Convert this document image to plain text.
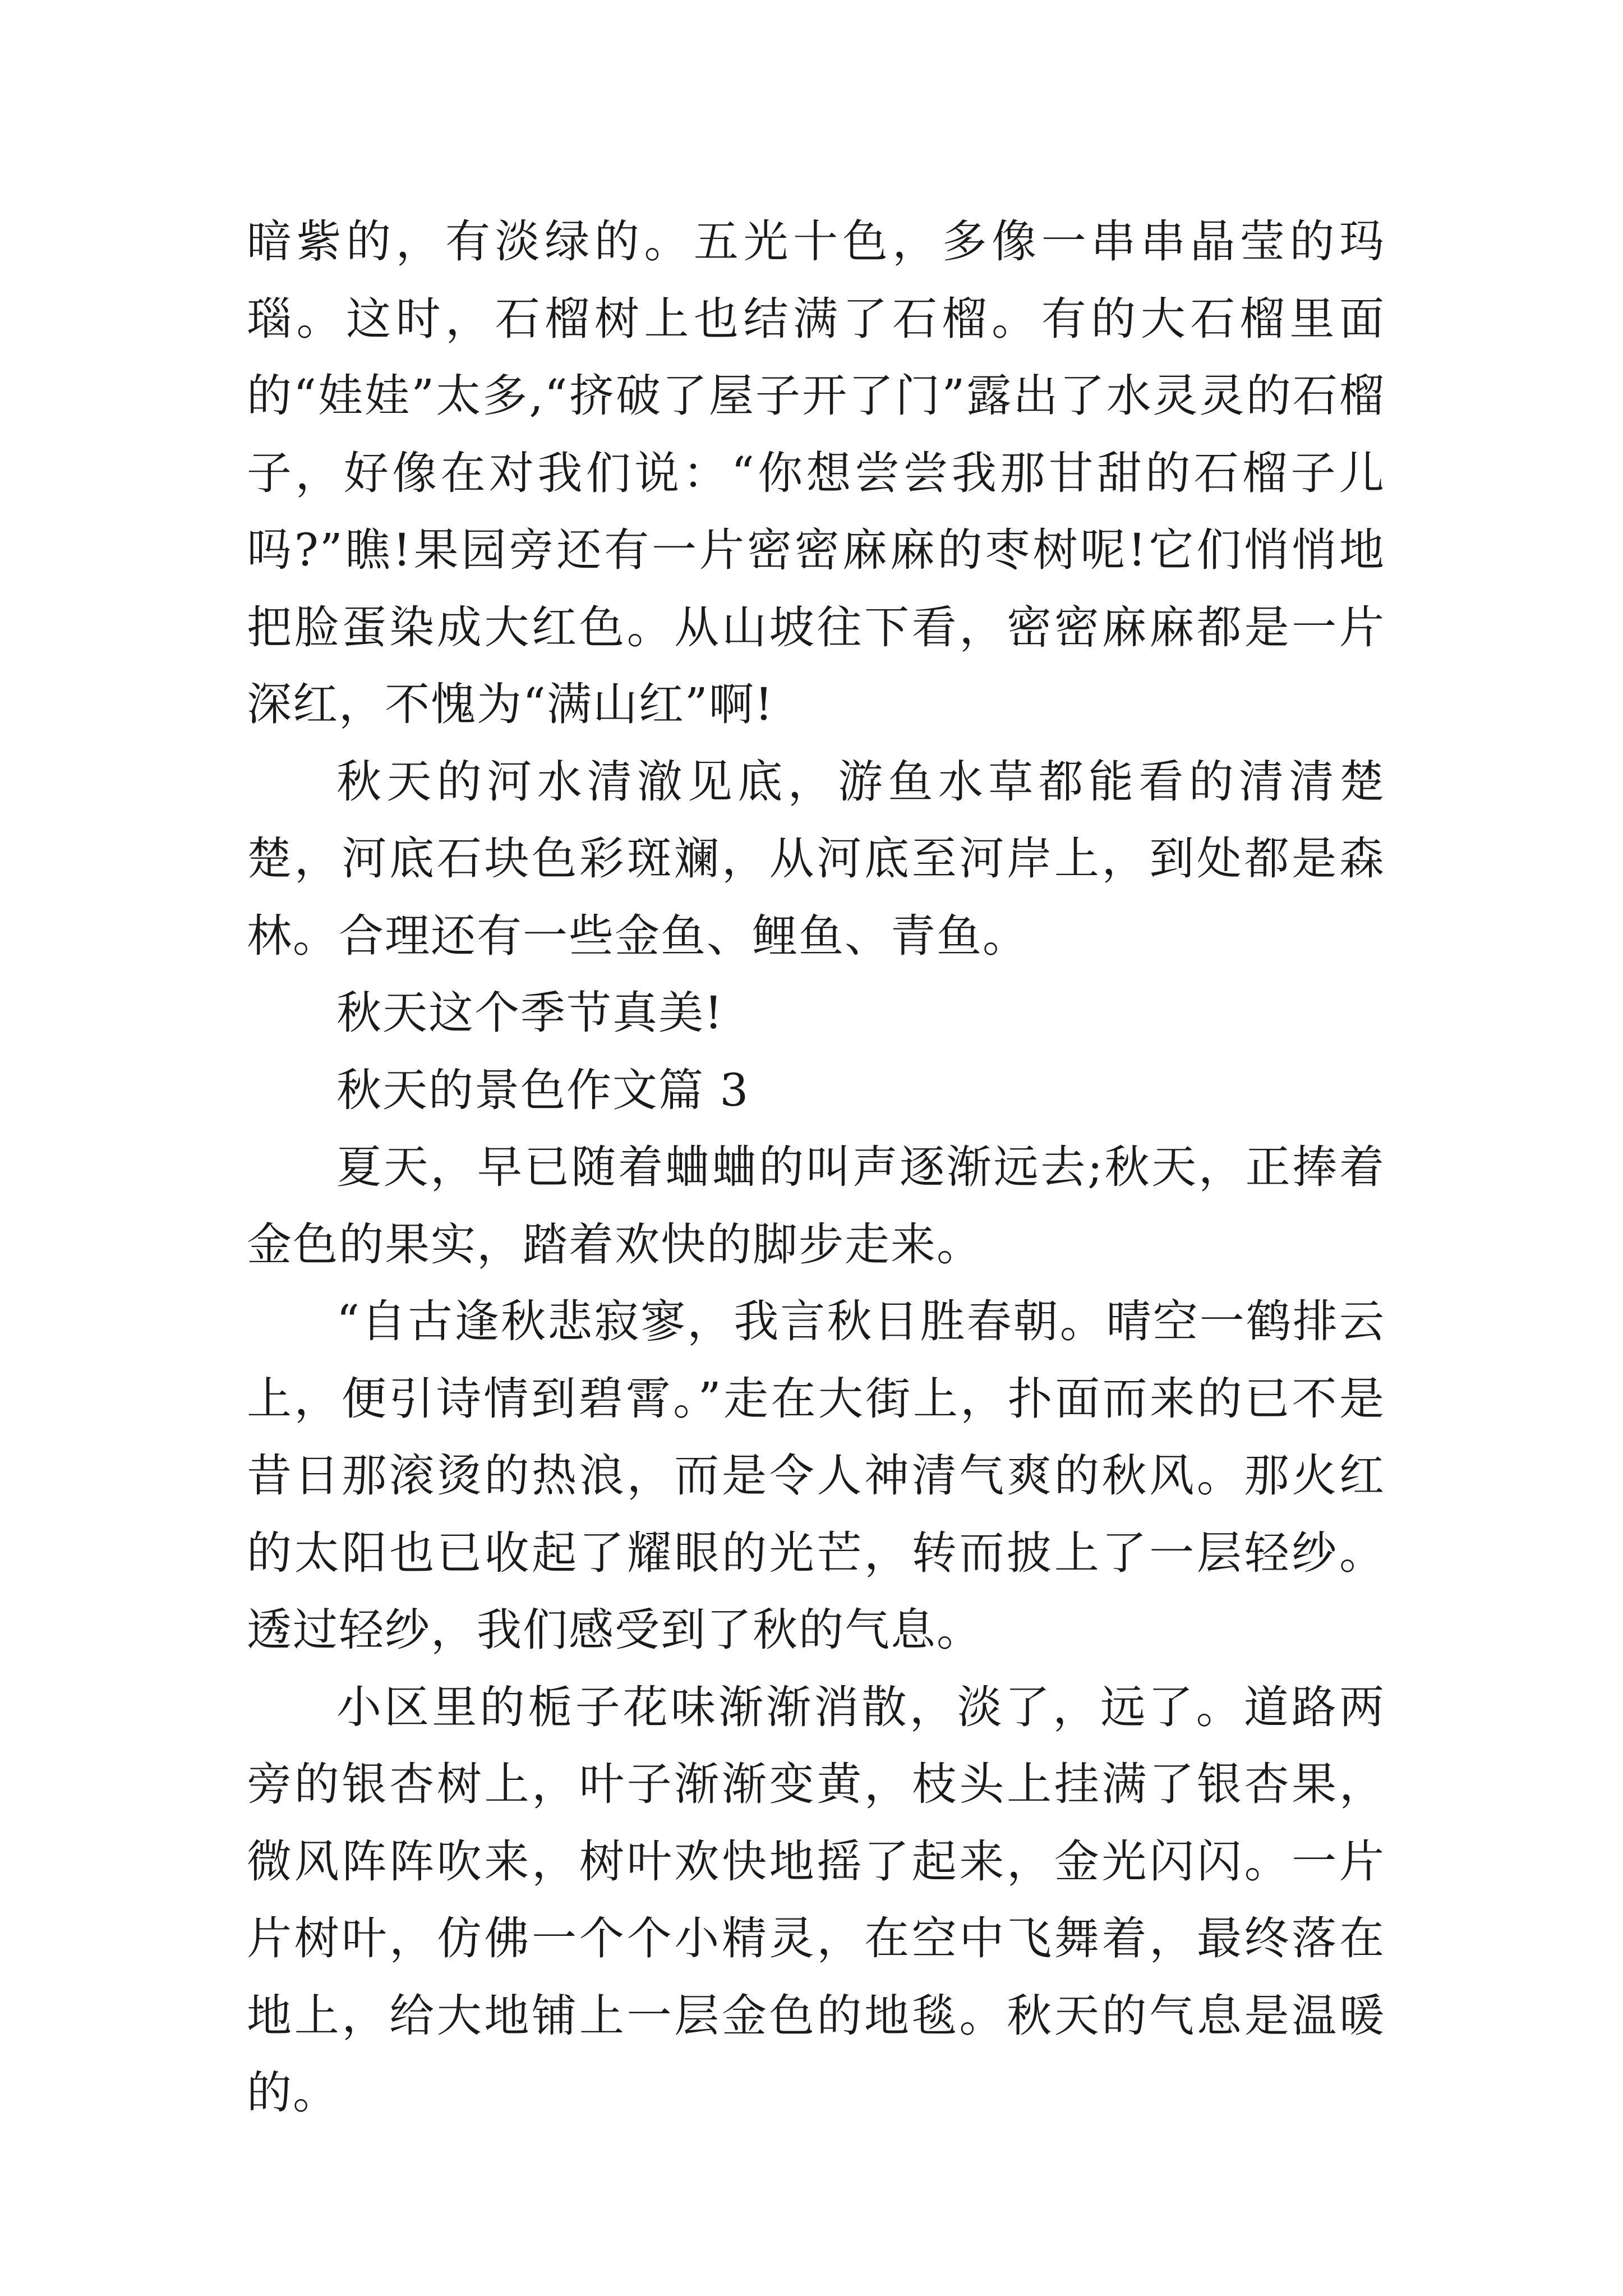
暗紫的，有淡绿的。五光十色，多像一串串晶莹的玛瑙。这时，石榴树上也结满了石榴。有的大石榴里面的“娃娃”太多,“挤破了屋子开了门”露出了水灵灵的石榴子，好像在对我们说：“你想尝尝我那甘甜的石榴子儿吗?”瞧!果园旁还有一片密密麻麻的枣树呢!它们悄悄地把脸蛋染成大红色。从山坡往下看，密密麻麻都是一片深红，不愧为“满山红”啊!

秋天的河水清澈见底，游鱼水草都能看的清清楚楚，河底石块色彩斑斓，从河底至河岸上，到处都是森林。合理还有一些金鱼、鲤鱼、青鱼。

秋天这个季节真美!

秋天的景色作文篇 3

夏天，早已随着蛐蛐的叫声逐渐远去;秋天，正捧着金色的果实，踏着欢快的脚步走来。

“自古逢秋悲寂寥，我言秋日胜春朝。晴空一鹤排云上，便引诗情到碧霄。”走在大街上，扑面而来的已不是昔日那滚烫的热浪，而是令人神清气爽的秋风。那火红的太阳也已收起了耀眼的光芒，转而披上了一层轻纱。透过轻纱，我们感受到了秋的气息。

小区里的栀子花味渐渐消散，淡了，远了。道路两旁的银杏树上，叶子渐渐变黄，枝头上挂满了银杏果，微风阵阵吹来，树叶欢快地摇了起来，金光闪闪。一片片树叶，仿佛一个个小精灵，在空中飞舞着，最终落在地上，给大地铺上一层金色的地毯。秋天的气息是温暖的。
